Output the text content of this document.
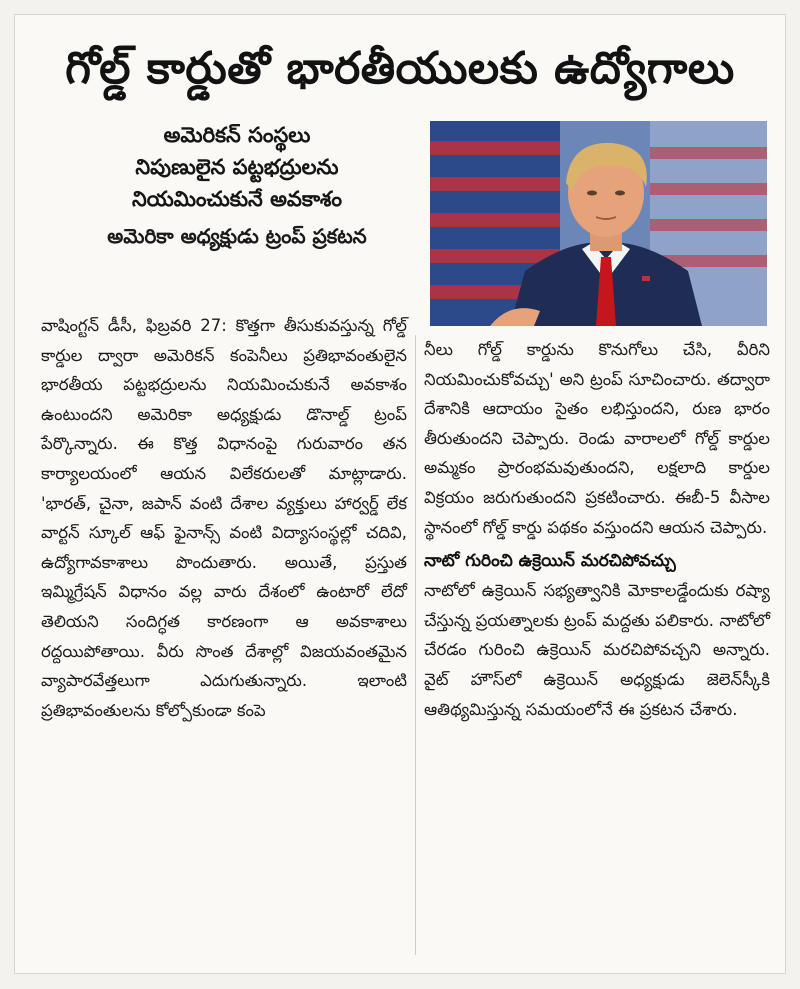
గోల్డ్ కార్డుతో భారతీయులకు ఉద్యోగాలు
అమెరికన్ సంస్థలు
నిపుణులైన పట్టభద్రులను
నియమించుకునే అవకాశం
అమెరికా అధ్యక్షుడు ట్రంప్ ప్రకటన

వాషింగ్టన్ డీసీ, ఫిబ్రవరి 27: కొత్తగా తీసుకువస్తున్న గోల్డ్ కార్డుల ద్వారా అమెరికన్ కంపెనీలు ప్రతిభావంతులైన భారతీయ పట్టభద్రులను నియమించుకునే అవకాశం ఉంటుందని అమెరికా అధ్యక్షుడు డొనాల్డ్ ట్రంప్ పేర్కొన్నారు. ఈ కొత్త విధానంపై గురువారం తన కార్యాలయంలో ఆయన విలేకరులతో మాట్లాడారు. 'భారత్, చైనా, జపాన్ వంటి దేశాల వ్యక్తులు హార్వర్డ్ లేక వార్టన్ స్కూల్ ఆఫ్ ఫైనాన్స్ వంటి విద్యాసంస్థల్లో చదివి, ఉద్యోగావకాశాలు పొందుతారు. అయితే, ప్రస్తుత ఇమ్మిగ్రేషన్ విధానం వల్ల వారు దేశంలో ఉంటారో లేదో తెలియని సందిగ్ధత కారణంగా ఆ అవకాశాలు రద్దయిపోతాయి. వీరు సొంత దేశాల్లో విజయవంతమైన వ్యాపారవేత్తలుగా ఎదుగుతున్నారు. ఇలాంటి ప్రతిభావంతులను కోల్పోకుండా కంపె

నీలు గోల్డ్ కార్డును కొనుగోలు చేసి, వీరిని నియమించుకోవచ్చు' అని ట్రంప్ సూచించారు. తద్వారా దేశానికి ఆదాయం సైతం లభిస్తుందని, రుణ భారం తీరుతుందని చెప్పారు. రెండు వారాలలో గోల్డ్ కార్డుల అమ్మకం ప్రారంభమవుతుందని, లక్షలాది కార్డుల విక్రయం జరుగుతుందని ప్రకటించారు. ఈబీ-5 వీసాల స్థానంలో గోల్డ్ కార్డు పథకం వస్తుందని ఆయన చెప్పారు.

నాటో గురించి ఉక్రెయిన్ మరచిపోవచ్చు

నాటోలో ఉక్రెయిన్ సభ్యత్వానికి మోకాలడ్డేందుకు రష్యా చేస్తున్న ప్రయత్నాలకు ట్రంప్ మద్దతు పలికారు. నాటోలో చేరడం గురించి ఉక్రెయిన్ మరచిపోవచ్చని అన్నారు. వైట్ హౌస్‌లో ఉక్రెయిన్ అధ్యక్షుడు జెలెన్‌స్కీకి ఆతిథ్యమిస్తున్న సమయంలోనే ఈ ప్రకటన చేశారు.
